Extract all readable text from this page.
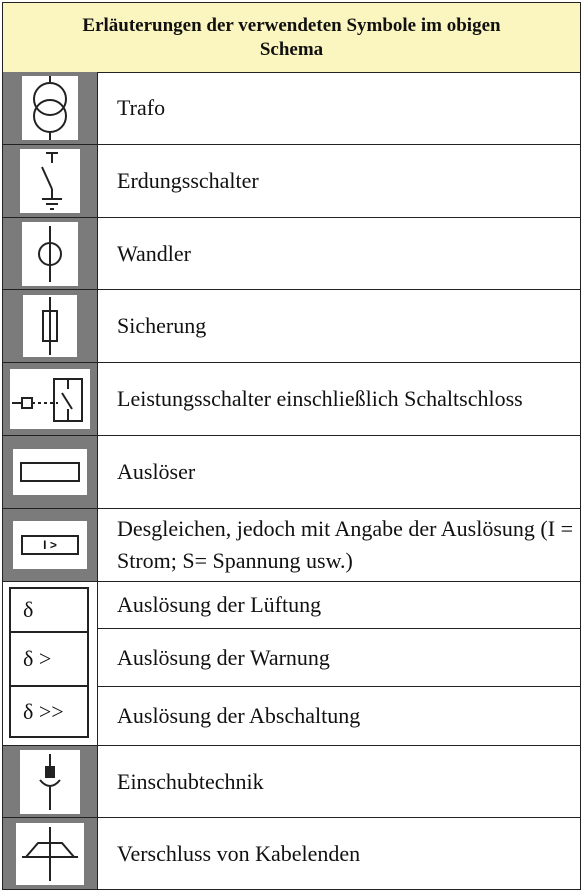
Erläuterungen der verwendeten Symbole im obigen Schema
Trafo
Erdungsschalter
Wandler
Sicherung
Leistungsschalter einschließlich Schaltschloss
Auslöser
I >
Desgleichen, jedoch mit Angabe der Auslösung (I = Strom; S= Spannung usw.)
δ
δ >
δ >>
Auslösung der Lüftung
Auslösung der Warnung
Auslösung der Abschaltung
Einschubtechnik
Verschluss von Kabelenden
